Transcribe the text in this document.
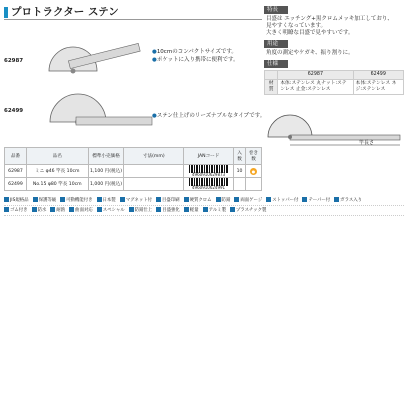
プロトラクター ステン
62987
●10cmのコンパクトサイズです。
●ポケットに入り携帯に便利です。
62499
●ステン仕上げのリーズナブルなタイプです。
特長
目盛は エッチング+黒クロムメッキ加工しており、
見やすくなっています。
大きく明瞭な目盛で見やすいです。
用途
角度の測定やケガキ、振り割りに。
仕様
	62987	62499
材 質	本体:ステンレス 丸ナット:ステンレス 止金:ステンレス	本体:ステンレス ネジ:ステンレス
竿長さ
品番	品名	標準小売価格	寸法(mm)	JANコード	入数	巻き数
62987	ミニ φ46 竿長 10cm	1,100 円(税込)		4960910629873	10	●
62499	No.15 φ80 竿長 10cm	1,000 円(税込)		4960910624991		

JIS規格品 保護等級 可動機能付き 日本製 マグネット付 目盛印刷 硬質クロム 防錆 両面ゲージ ストッパー付 テーパー付 ガラス入り
ゴム付き 防水 耐熱 曲面対応 スペシャル 防錆仕上 目盛強化 軽量 アルミ製 プラスチック製
